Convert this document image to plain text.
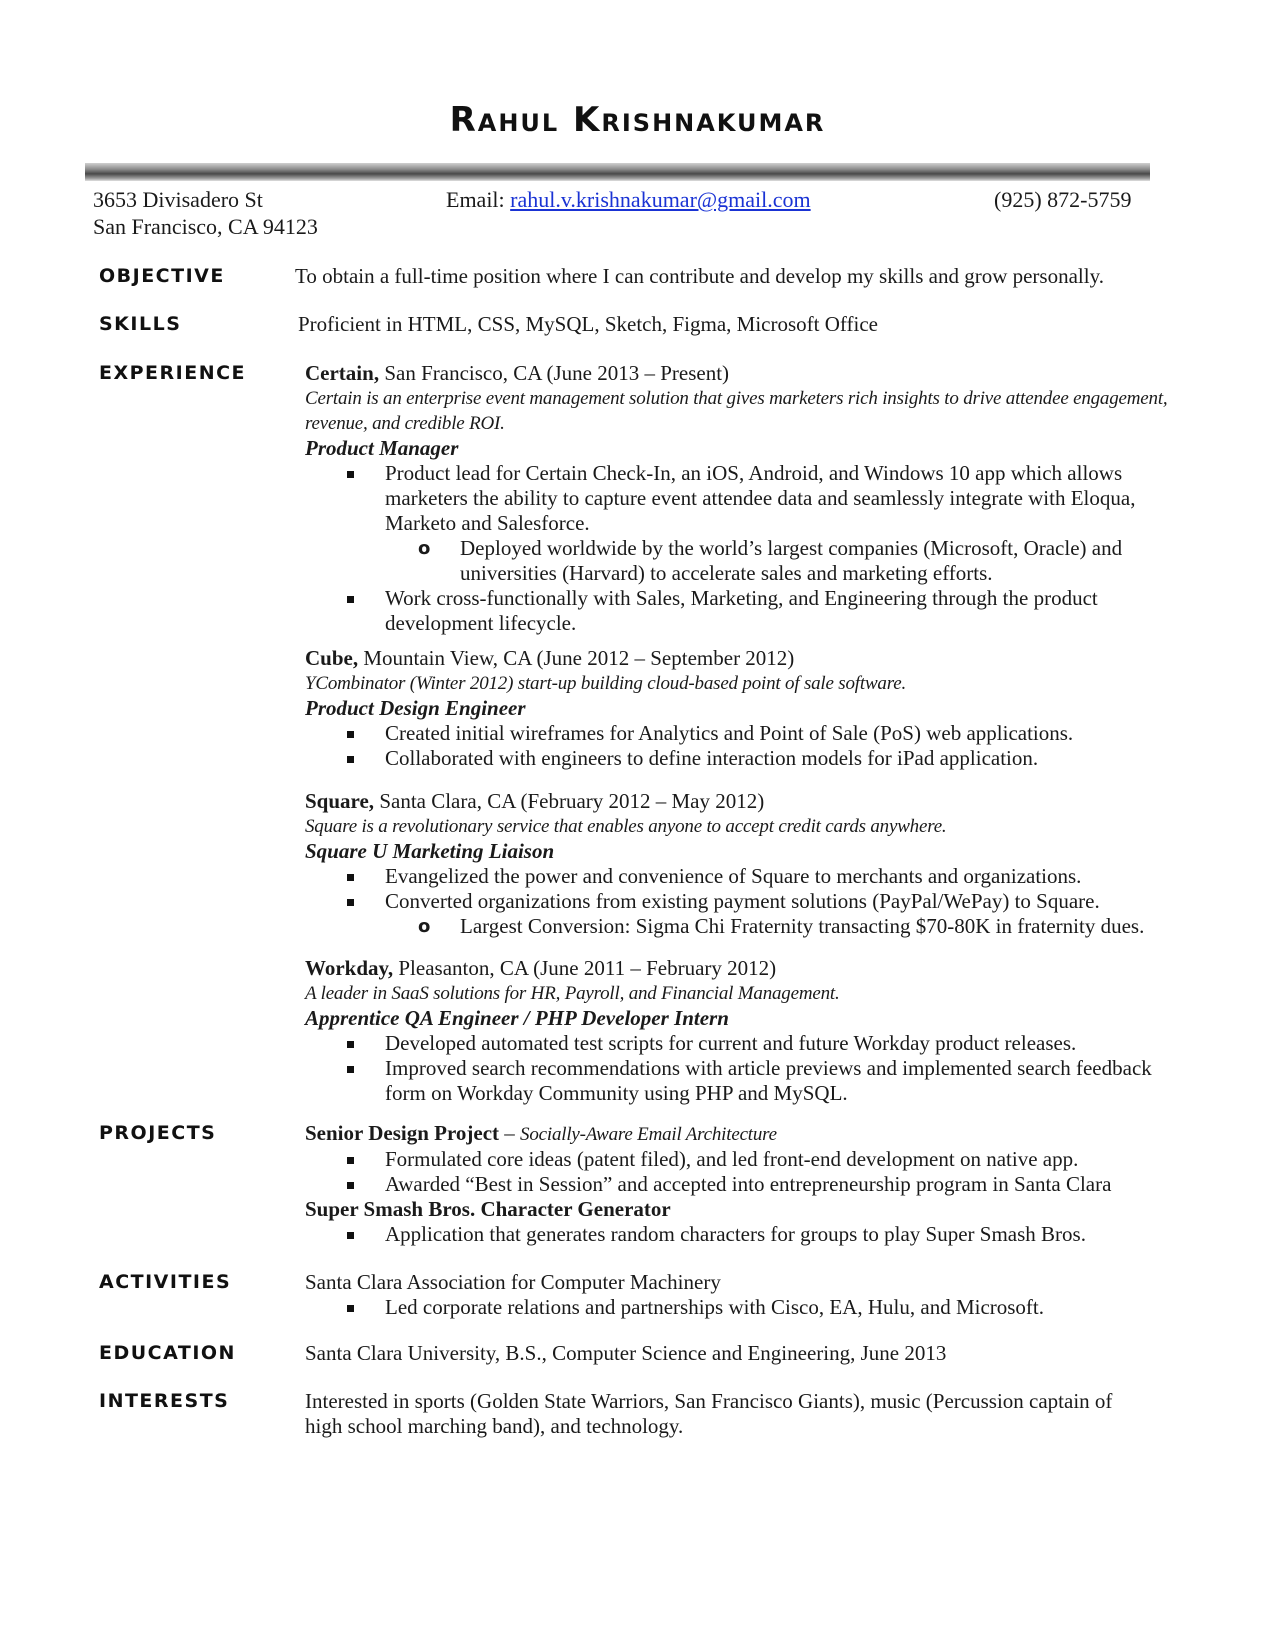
Rahul Krishnakumar
3653 Divisadero St
San Francisco, CA 94123
Email: rahul.v.krishnakumar@gmail.com	(925) 872-5759
OBJECTIVE	To obtain a full-time position where I can contribute and develop my skills and grow personally.
SKILLS	Proficient in HTML, CSS, MySQL, Sketch, Figma, Microsoft Office
EXPERIENCE	Certain, San Francisco, CA (June 2013 – Present)
Certain is an enterprise event management solution that gives marketers rich insights to drive attendee engagement, revenue, and credible ROI.
Product Manager
Product lead for Certain Check-In, an iOS, Android, and Windows 10 app which allows marketers the ability to capture event attendee data and seamlessly integrate with Eloqua, Marketo and Salesforce.
o Deployed worldwide by the world’s largest companies (Microsoft, Oracle) and universities (Harvard) to accelerate sales and marketing efforts.
Work cross-functionally with Sales, Marketing, and Engineering through the product development lifecycle.
Cube, Mountain View, CA (June 2012 – September 2012)
YCombinator (Winter 2012) start-up building cloud-based point of sale software.
Product Design Engineer
Created initial wireframes for Analytics and Point of Sale (PoS) web applications.
Collaborated with engineers to define interaction models for iPad application.
Square, Santa Clara, CA (February 2012 – May 2012)
Square is a revolutionary service that enables anyone to accept credit cards anywhere.
Square U Marketing Liaison
Evangelized the power and convenience of Square to merchants and organizations.
Converted organizations from existing payment solutions (PayPal/WePay) to Square.
o Largest Conversion: Sigma Chi Fraternity transacting $70-80K in fraternity dues.
Workday, Pleasanton, CA (June 2011 – February 2012)
A leader in SaaS solutions for HR, Payroll, and Financial Management.
Apprentice QA Engineer / PHP Developer Intern
Developed automated test scripts for current and future Workday product releases.
Improved search recommendations with article previews and implemented search feedback form on Workday Community using PHP and MySQL.
PROJECTS	Senior Design Project – Socially-Aware Email Architecture
Formulated core ideas (patent filed), and led front-end development on native app.
Awarded “Best in Session” and accepted into entrepreneurship program in Santa Clara
Super Smash Bros. Character Generator
Application that generates random characters for groups to play Super Smash Bros.
ACTIVITIES	Santa Clara Association for Computer Machinery
Led corporate relations and partnerships with Cisco, EA, Hulu, and Microsoft.
EDUCATION	Santa Clara University, B.S., Computer Science and Engineering, June 2013
INTERESTS	Interested in sports (Golden State Warriors, San Francisco Giants), music (Percussion captain of high school marching band), and technology.
